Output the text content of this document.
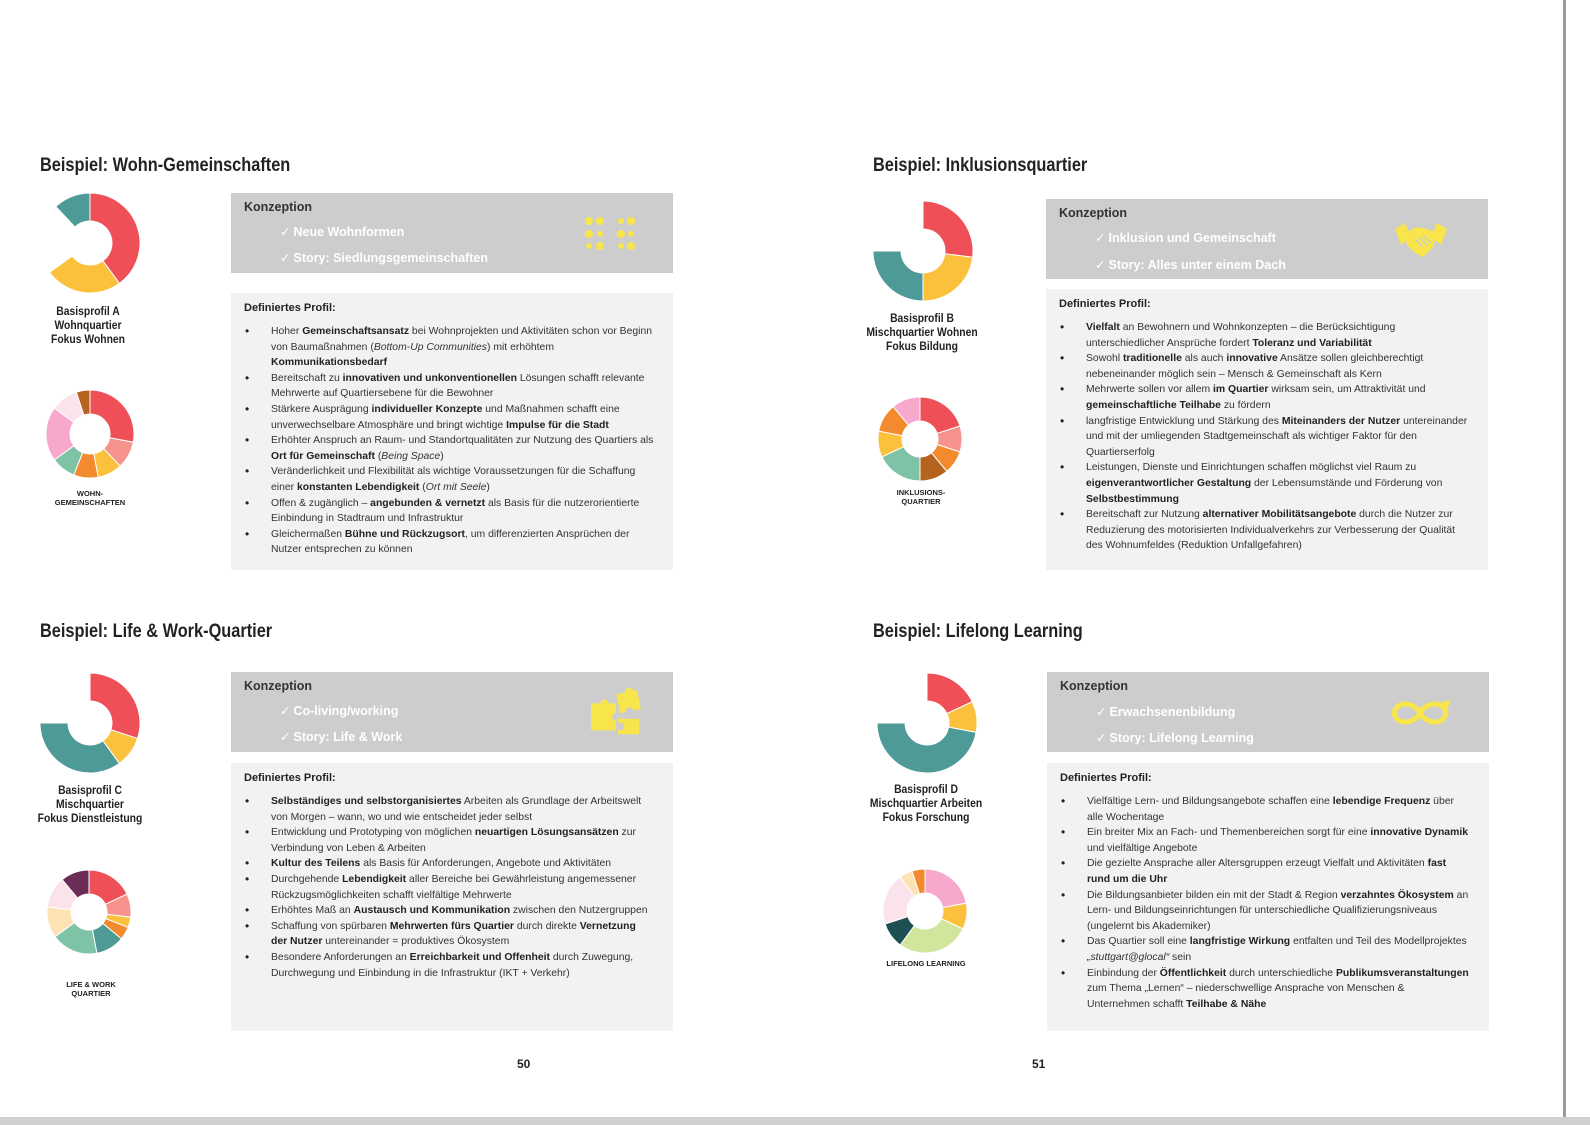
Beispiel: Wohn-Gemeinschaften
Basisprofil A
Wohnquartier
Fokus Wohnen
WOHN-
GEMEINSCHAFTEN
Konzeption
✓ Neue Wohnformen
✓ Story: Siedlungsgemeinschaften
Definiertes Profil:
• Hoher Gemeinschaftsansatz bei Wohnprojekten und Aktivitäten schon vor Beginn von Baumaßnahmen (Bottom-Up Communities) mit erhöhtem Kommunikationsbedarf
• Bereitschaft zu innovativen und unkonventionellen Lösungen schafft relevante Mehrwerte auf Quartiersebene für die Bewohner
• Stärkere Ausprägung individueller Konzepte und Maßnahmen schafft eine unverwechselbare Atmosphäre und bringt wichtige Impulse für die Stadt
• Erhöhter Anspruch an Raum- und Standortqualitäten zur Nutzung des Quartiers als Ort für Gemeinschaft (Being Space)
• Veränderlichkeit und Flexibilität als wichtige Voraussetzungen für die Schaffung einer konstanten Lebendigkeit (Ort mit Seele)
• Offen & zugänglich – angebunden & vernetzt als Basis für die nutzerorientierte Einbindung in Stadtraum und Infrastruktur
• Gleichermaßen Bühne und Rückzugsort, um differenzierten Ansprüchen der Nutzer entsprechen zu können
Beispiel: Inklusionsquartier
Basisprofil B
Mischquartier Wohnen
Fokus Bildung
INKLUSIONS-
QUARTIER
Konzeption
✓ Inklusion und Gemeinschaft
✓ Story: Alles unter einem Dach
Definiertes Profil:
• Vielfalt an Bewohnern und Wohnkonzepten – die Berücksichtigung unterschiedlicher Ansprüche fordert Toleranz und Variabilität
• Sowohl traditionelle als auch innovative Ansätze sollen gleichberechtigt nebeneinander möglich sein – Mensch & Gemeinschaft als Kern
• Mehrwerte sollen vor allem im Quartier wirksam sein, um Attraktivität und gemeinschaftliche Teilhabe zu fördern
• langfristige Entwicklung und Stärkung des Miteinanders der Nutzer untereinander und mit der umliegenden Stadtgemeinschaft als wichtiger Faktor für den Quartierserfolg
• Leistungen, Dienste und Einrichtungen schaffen möglichst viel Raum zu eigenverantwortlicher Gestaltung der Lebensumstände und Förderung von Selbstbestimmung
• Bereitschaft zur Nutzung alternativer Mobilitätsangebote durch die Nutzer zur Reduzierung des motorisierten Individualverkehrs zur Verbesserung der Qualität des Wohnumfeldes (Reduktion Unfallgefahren)
Beispiel: Life & Work-Quartier
Basisprofil C
Mischquartier
Fokus Dienstleistung
LIFE & WORK
QUARTIER
Konzeption
✓ Co-living/working
✓ Story: Life & Work
Definiertes Profil:
• Selbständiges und selbstorganisiertes Arbeiten als Grundlage der Arbeitswelt von Morgen – wann, wo und wie entscheidet jeder selbst
• Entwicklung und Prototyping von möglichen neuartigen Lösungsansätzen zur Verbindung von Leben & Arbeiten
• Kultur des Teilens als Basis für Anforderungen, Angebote und Aktivitäten
• Durchgehende Lebendigkeit aller Bereiche bei Gewährleistung angemessener Rückzugsmöglichkeiten schafft vielfältige Mehrwerte
• Erhöhtes Maß an Austausch und Kommunikation zwischen den Nutzergruppen
• Schaffung von spürbaren Mehrwerten fürs Quartier durch direkte Vernetzung der Nutzer untereinander = produktives Ökosystem
• Besondere Anforderungen an Erreichbarkeit und Offenheit durch Zuwegung, Durchwegung und Einbindung in die Infrastruktur (IKT + Verkehr)
Beispiel: Lifelong Learning
Basisprofil D
Mischquartier Arbeiten
Fokus Forschung
LIFELONG LEARNING
Konzeption
✓ Erwachsenenbildung
✓ Story: Lifelong Learning
Definiertes Profil:
• Vielfältige Lern- und Bildungsangebote schaffen eine lebendige Frequenz über alle Wochentage
• Ein breiter Mix an Fach- und Themenbereichen sorgt für eine innovative Dynamik und vielfältige Angebote
• Die gezielte Ansprache aller Altersgruppen erzeugt Vielfalt und Aktivitäten fast rund um die Uhr
• Die Bildungsanbieter bilden ein mit der Stadt & Region verzahntes Ökosystem an Lern- und Bildungseinrichtungen für unterschiedliche Qualifizierungsniveaus (ungelernt bis Akademiker)
• Das Quartier soll eine langfristige Wirkung entfalten und Teil des Modellprojektes „stuttgart@glocal“ sein
• Einbindung der Öffentlichkeit durch unterschiedliche Publikumsveranstaltungen zum Thema „Lernen“ – niederschwellige Ansprache von Menschen & Unternehmen schafft Teilhabe & Nähe
50	51
